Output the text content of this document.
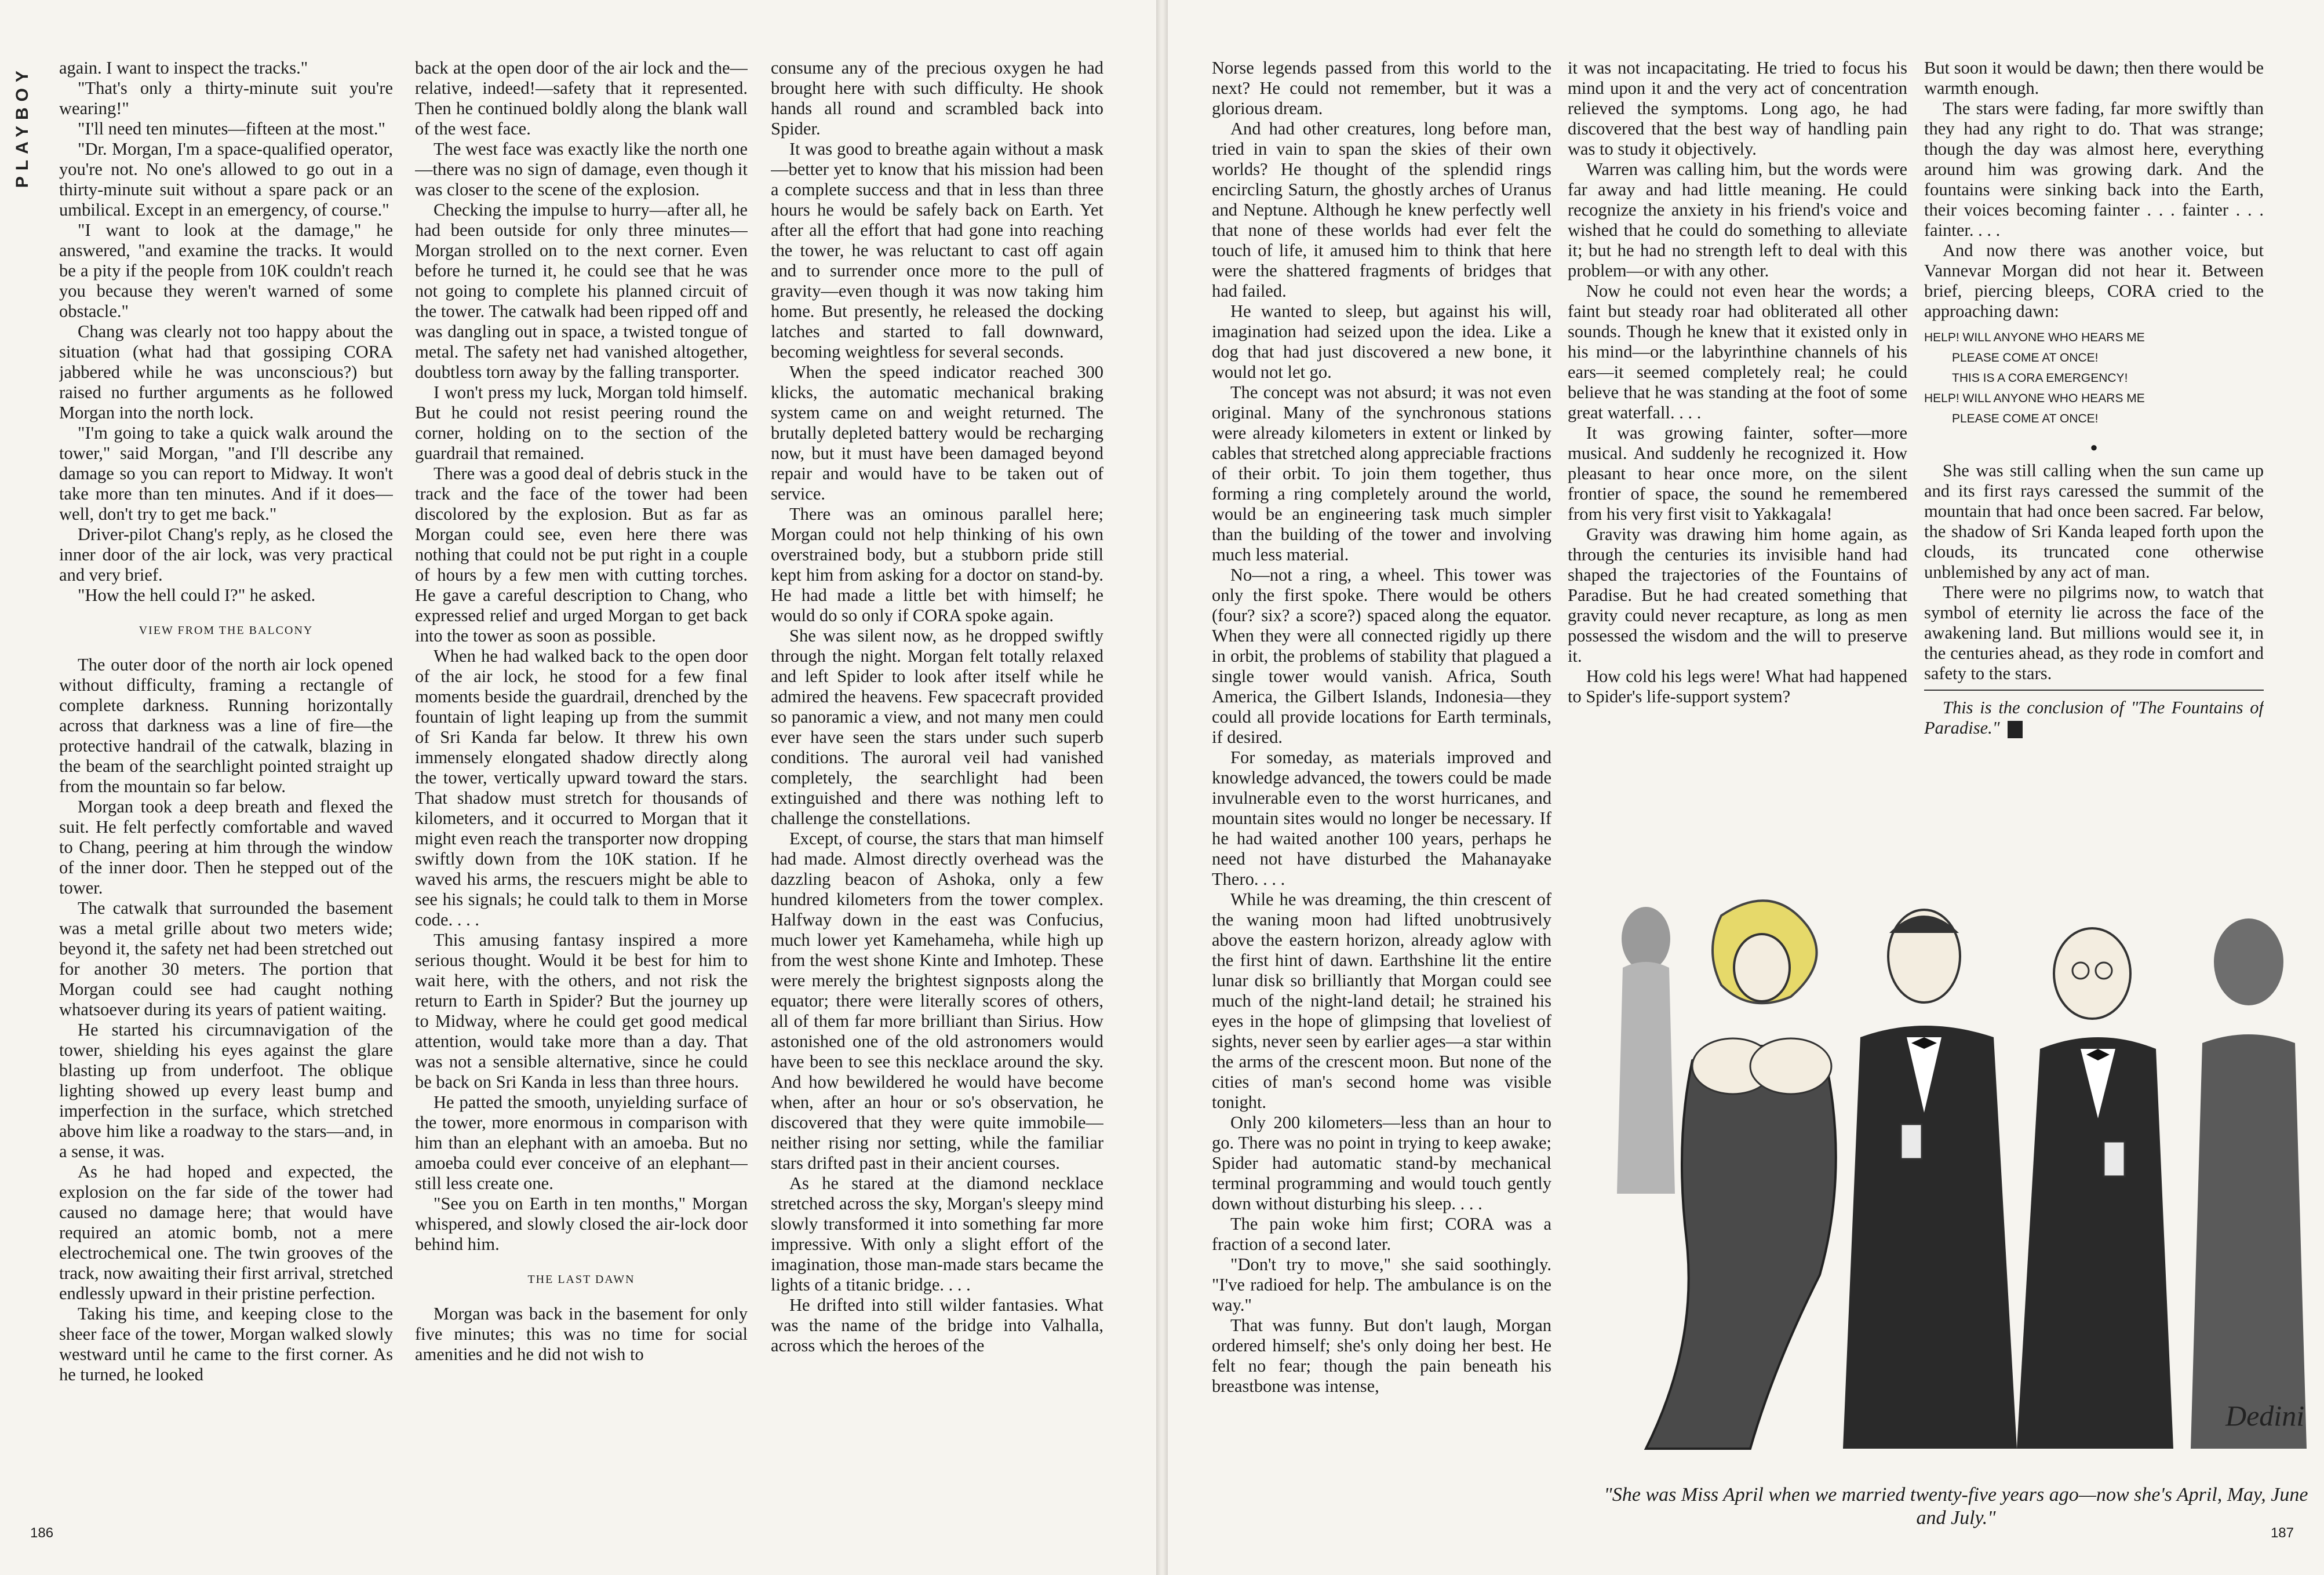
PLAYBOY	again. I want to inspect the tracks."

"That's only a thirty-minute suit you're wearing!"

"I'll need ten minutes—fifteen at the most."

"Dr. Morgan, I'm a space-qualified operator, you're not. No one's allowed to go out in a thirty-minute suit without a spare pack or an umbilical. Except in an emergency, of course."

"I want to look at the damage," he answered, "and examine the tracks. It would be a pity if the people from 10K couldn't reach you because they weren't warned of some obstacle."

Chang was clearly not too happy about the situation (what had that gossiping CORA jabbered while he was unconscious?) but raised no further arguments as he followed Morgan into the north lock.

"I'm going to take a quick walk around the tower," said Morgan, "and I'll describe any damage so you can report to Midway. It won't take more than ten minutes. And if it does—well, don't try to get me back."

Driver-pilot Chang's reply, as he closed the inner door of the air lock, was very practical and very brief.

"How the hell could I?" he asked.

VIEW FROM THE BALCONY

The outer door of the north air lock opened without difficulty, framing a rectangle of complete darkness. Running horizontally across that darkness was a line of fire—the protective handrail of the catwalk, blazing in the beam of the searchlight pointed straight up from the mountain so far below.

Morgan took a deep breath and flexed the suit. He felt perfectly comfortable and waved to Chang, peering at him through the window of the inner door. Then he stepped out of the tower.

The catwalk that surrounded the basement was a metal grille about two meters wide; beyond it, the safety net had been stretched out for another 30 meters. The portion that Morgan could see had caught nothing whatsoever during its years of patient waiting.

He started his circumnavigation of the tower, shielding his eyes against the glare blasting up from underfoot. The oblique lighting showed up every least bump and imperfection in the surface, which stretched above him like a roadway to the stars—and, in a sense, it was.

As he had hoped and expected, the explosion on the far side of the tower had caused no damage here; that would have required an atomic bomb, not a mere electrochemical one. The twin grooves of the track, now awaiting their first arrival, stretched endlessly upward in their pristine perfection.

Taking his time, and keeping close to the sheer face of the tower, Morgan walked slowly westward until he came to the first corner. As he turned, he looked

back at the open door of the air lock and the—relative, indeed!—safety that it represented. Then he continued boldly along the blank wall of the west face.

The west face was exactly like the north one—there was no sign of damage, even though it was closer to the scene of the explosion.

Checking the impulse to hurry—after all, he had been outside for only three minutes—Morgan strolled on to the next corner. Even before he turned it, he could see that he was not going to complete his planned circuit of the tower. The catwalk had been ripped off and was dangling out in space, a twisted tongue of metal. The safety net had vanished altogether, doubtless torn away by the falling transporter.

I won't press my luck, Morgan told himself. But he could not resist peering round the corner, holding on to the section of the guardrail that remained.

There was a good deal of debris stuck in the track and the face of the tower had been discolored by the explosion. But as far as Morgan could see, even here there was nothing that could not be put right in a couple of hours by a few men with cutting torches. He gave a careful description to Chang, who expressed relief and urged Morgan to get back into the tower as soon as possible.

When he had walked back to the open door of the air lock, he stood for a few final moments beside the guardrail, drenched by the fountain of light leaping up from the summit of Sri Kanda far below. It threw his own immensely elongated shadow directly along the tower, vertically upward toward the stars. That shadow must stretch for thousands of kilometers, and it occurred to Morgan that it might even reach the transporter now dropping swiftly down from the 10K station. If he waved his arms, the rescuers might be able to see his signals; he could talk to them in Morse code. . . .

This amusing fantasy inspired a more serious thought. Would it be best for him to wait here, with the others, and not risk the return to Earth in Spider? But the journey up to Midway, where he could get good medical attention, would take more than a day. That was not a sensible alternative, since he could be back on Sri Kanda in less than three hours.

He patted the smooth, unyielding surface of the tower, more enormous in comparison with him than an elephant with an amoeba. But no amoeba could ever conceive of an elephant—still less create one.

"See you on Earth in ten months," Morgan whispered, and slowly closed the air-lock door behind him.

THE LAST DAWN

Morgan was back in the basement for only five minutes; this was no time for social amenities and he did not wish to

consume any of the precious oxygen he had brought here with such difficulty. He shook hands all round and scrambled back into Spider.

It was good to breathe again without a mask—better yet to know that his mission had been a complete success and that in less than three hours he would be safely back on Earth. Yet after all the effort that had gone into reaching the tower, he was reluctant to cast off again and to surrender once more to the pull of gravity—even though it was now taking him home. But presently, he released the docking latches and started to fall downward, becoming weightless for several seconds.

When the speed indicator reached 300 klicks, the automatic mechanical braking system came on and weight returned. The brutally depleted battery would be recharging now, but it must have been damaged beyond repair and would have to be taken out of service.

There was an ominous parallel here; Morgan could not help thinking of his own overstrained body, but a stubborn pride still kept him from asking for a doctor on stand-by. He had made a little bet with himself; he would do so only if CORA spoke again.

She was silent now, as he dropped swiftly through the night. Morgan felt totally relaxed and left Spider to look after itself while he admired the heavens. Few spacecraft provided so panoramic a view, and not many men could ever have seen the stars under such superb conditions. The auroral veil had vanished completely, the searchlight had been extinguished and there was nothing left to challenge the constellations.

Except, of course, the stars that man himself had made. Almost directly overhead was the dazzling beacon of Ashoka, only a few hundred kilometers from the tower complex. Halfway down in the east was Confucius, much lower yet Kamehameha, while high up from the west shone Kinte and Imhotep. These were merely the brightest signposts along the equator; there were literally scores of others, all of them far more brilliant than Sirius. How astonished one of the old astronomers would have been to see this necklace around the sky. And how bewildered he would have become when, after an hour or so's observation, he discovered that they were quite immobile—neither rising nor setting, while the familiar stars drifted past in their ancient courses.

As he stared at the diamond necklace stretched across the sky, Morgan's sleepy mind slowly transformed it into something far more impressive. With only a slight effort of the imagination, those man-made stars became the lights of a titanic bridge. . . .

He drifted into still wilder fantasies. What was the name of the bridge into Valhalla, across which the heroes of the

186

Norse legends passed from this world to the next? He could not remember, but it was a glorious dream.

And had other creatures, long before man, tried in vain to span the skies of their own worlds? He thought of the splendid rings encircling Saturn, the ghostly arches of Uranus and Neptune. Although he knew perfectly well that none of these worlds had ever felt the touch of life, it amused him to think that here were the shattered fragments of bridges that had failed.

He wanted to sleep, but against his will, imagination had seized upon the idea. Like a dog that had just discovered a new bone, it would not let go.

The concept was not absurd; it was not even original. Many of the synchronous stations were already kilometers in extent or linked by cables that stretched along appreciable fractions of their orbit. To join them together, thus forming a ring completely around the world, would be an engineering task much simpler than the building of the tower and involving much less material.

No—not a ring, a wheel. This tower was only the first spoke. There would be others (four? six? a score?) spaced along the equator. When they were all connected rigidly up there in orbit, the problems of stability that plagued a single tower would vanish. Africa, South America, the Gilbert Islands, Indonesia—they could all provide locations for Earth terminals, if desired.

For someday, as materials improved and knowledge advanced, the towers could be made invulnerable even to the worst hurricanes, and mountain sites would no longer be necessary. If he had waited another 100 years, perhaps he need not have disturbed the Mahanayake Thero. . . .

While he was dreaming, the thin crescent of the waning moon had lifted unobtrusively above the eastern horizon, already aglow with the first hint of dawn. Earthshine lit the entire lunar disk so brilliantly that Morgan could see much of the night-land detail; he strained his eyes in the hope of glimpsing that loveliest of sights, never seen by earlier ages—a star within the arms of the crescent moon. But none of the cities of man's second home was visible tonight.

Only 200 kilometers—less than an hour to go. There was no point in trying to keep awake; Spider had automatic stand-by mechanical terminal programming and would touch gently down without disturbing his sleep. . . .

The pain woke him first; CORA was a fraction of a second later.

"Don't try to move," she said soothingly. "I've radioed for help. The ambulance is on the way."

That was funny. But don't laugh, Morgan ordered himself; she's only doing her best. He felt no fear; though the pain beneath his breastbone was intense,

it was not incapacitating. He tried to focus his mind upon it and the very act of concentration relieved the symptoms. Long ago, he had discovered that the best way of handling pain was to study it objectively.

Warren was calling him, but the words were far away and had little meaning. He could recognize the anxiety in his friend's voice and wished that he could do something to alleviate it; but he had no strength left to deal with this problem—or with any other.

Now he could not even hear the words; a faint but steady roar had obliterated all other sounds. Though he knew that it existed only in his mind—or the labyrinthine channels of his ears—it seemed completely real; he could believe that he was standing at the foot of some great waterfall. . . .

It was growing fainter, softer—more musical. And suddenly he recognized it. How pleasant to hear once more, on the silent frontier of space, the sound he remembered from his very first visit to Yakkagala!

Gravity was drawing him home again, as through the centuries its invisible hand had shaped the trajectories of the Fountains of Paradise. But he had created something that gravity could never recapture, as long as men possessed the wisdom and the will to preserve it.

How cold his legs were! What had happened to Spider's life-support system?

But soon it would be dawn; then there would be warmth enough.

The stars were fading, far more swiftly than they had any right to do. That was strange; though the day was almost here, everything around him was growing dark. And the fountains were sinking back into the Earth, their voices becoming fainter . . . fainter . . . fainter. . . .

And now there was another voice, but Vannevar Morgan did not hear it. Between brief, piercing bleeps, CORA cried to the approaching dawn:

HELP! WILL ANYONE WHO HEARS ME
PLEASE COME AT ONCE!
THIS IS A CORA EMERGENCY!
HELP! WILL ANYONE WHO HEARS ME
PLEASE COME AT ONCE!
●

She was still calling when the sun came up and its first rays caressed the summit of the mountain that had once been sacred. Far below, the shadow of Sri Kanda leaped forth upon the clouds, its truncated cone otherwise unblemished by any act of man.

There were no pilgrims now, to watch that symbol of eternity lie across the face of the awakening land. But millions would see it, in the centuries ahead, as they rode in comfort and safety to the stars.

This is the conclusion of "The Fountains of Paradise."

187
Dedini
"She was Miss April when we married twenty-five years ago—now she's April, May, June and July."
